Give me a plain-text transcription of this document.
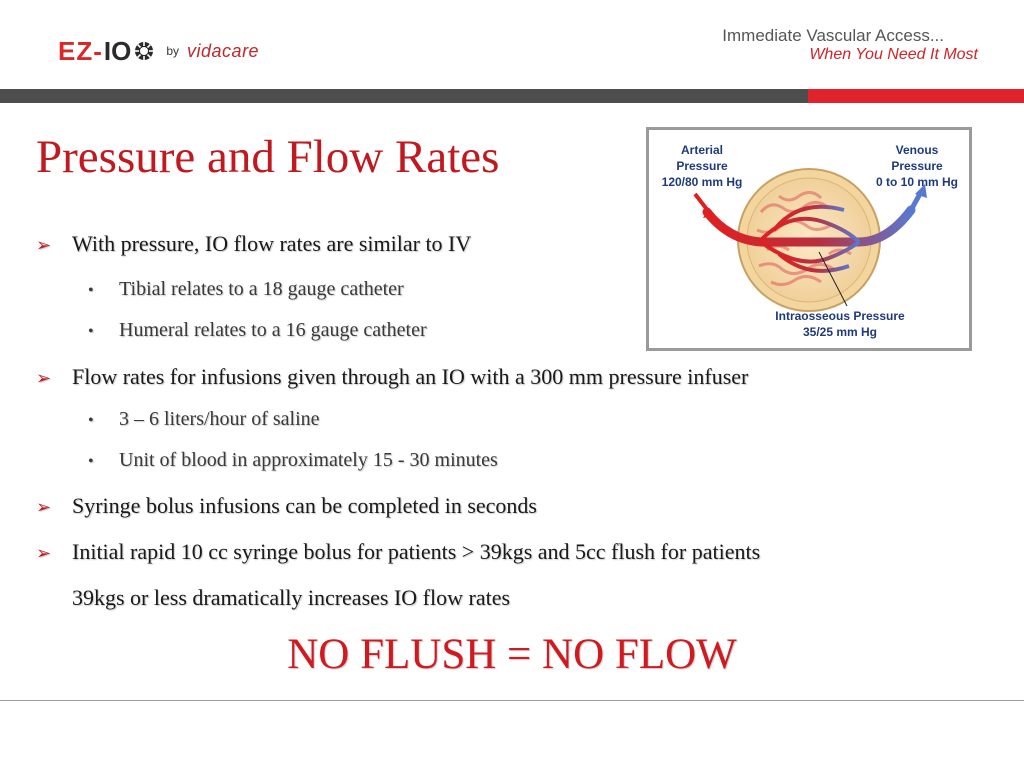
EZ- IO	by vidacare
Immediate Vascular Access...
When You Need It Most
Pressure and Flow Rates	Arterial
Pressure
120/80 mm Hg
Venous
Pressure
0 to 10 mm Hg
Intraosseous Pressure
35/25 mm Hg
➢ With pressure, IO flow rates are similar to IV
• Tibial relates to a 18 gauge catheter
• Humeral relates to a 16 gauge catheter
➢ Flow rates for infusions given through an IO with a 300 mm pressure infuser
• 3 – 6 liters/hour of saline
• Unit of blood in approximately 15 - 30 minutes
➢ Syringe bolus infusions can be completed in seconds
➢ Initial rapid 10 cc syringe bolus for patients > 39kgs and 5cc flush for patients
39kgs or less dramatically increases IO flow rates
NO FLUSH = NO FLOW
